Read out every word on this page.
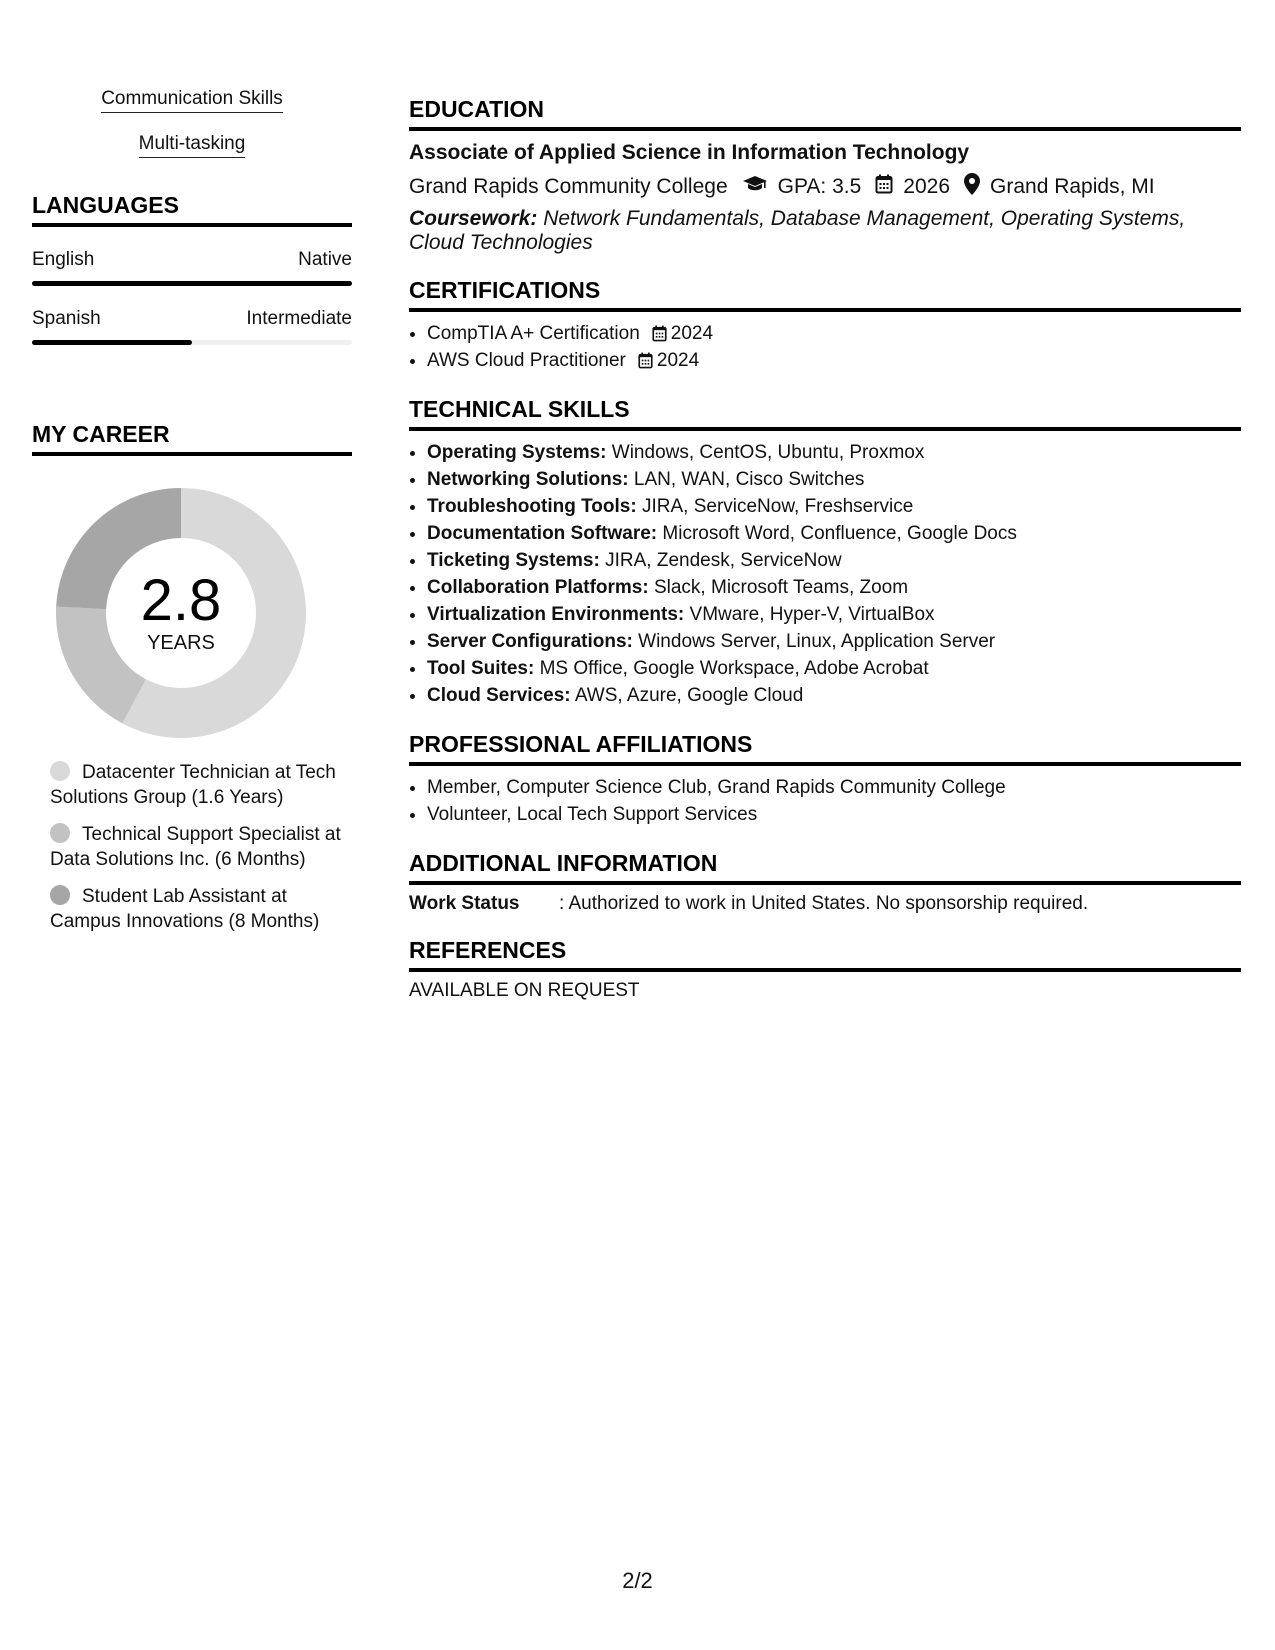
Communication Skills
Multi-tasking
LANGUAGES
English	Native
Spanish	Intermediate
MY CAREER
2.8
YEARS
Datacenter Technician at Tech Solutions Group (1.6 Years)
Technical Support Specialist at Data Solutions Inc. (6 Months)
Student Lab Assistant at Campus Innovations (8 Months)
EDUCATION
Associate of Applied Science in Information Technology
Grand Rapids Community College GPA: 3.5 2026 Grand Rapids, MI
Coursework: Network Fundamentals, Database Management, Operating Systems, Cloud Technologies
CERTIFICATIONS
• CompTIA A+ Certification 2024
• AWS Cloud Practitioner 2024
TECHNICAL SKILLS
• Operating Systems: Windows, CentOS, Ubuntu, Proxmox
• Networking Solutions: LAN, WAN, Cisco Switches
• Troubleshooting Tools: JIRA, ServiceNow, Freshservice
• Documentation Software: Microsoft Word, Confluence, Google Docs
• Ticketing Systems: JIRA, Zendesk, ServiceNow
• Collaboration Platforms: Slack, Microsoft Teams, Zoom
• Virtualization Environments: VMware, Hyper-V, VirtualBox
• Server Configurations: Windows Server, Linux, Application Server
• Tool Suites: MS Office, Google Workspace, Adobe Acrobat
• Cloud Services: AWS, Azure, Google Cloud
PROFESSIONAL AFFILIATIONS
• Member, Computer Science Club, Grand Rapids Community College
• Volunteer, Local Tech Support Services
ADDITIONAL INFORMATION
Work Status	: Authorized to work in United States. No sponsorship required.
REFERENCES
AVAILABLE ON REQUEST
2/2
